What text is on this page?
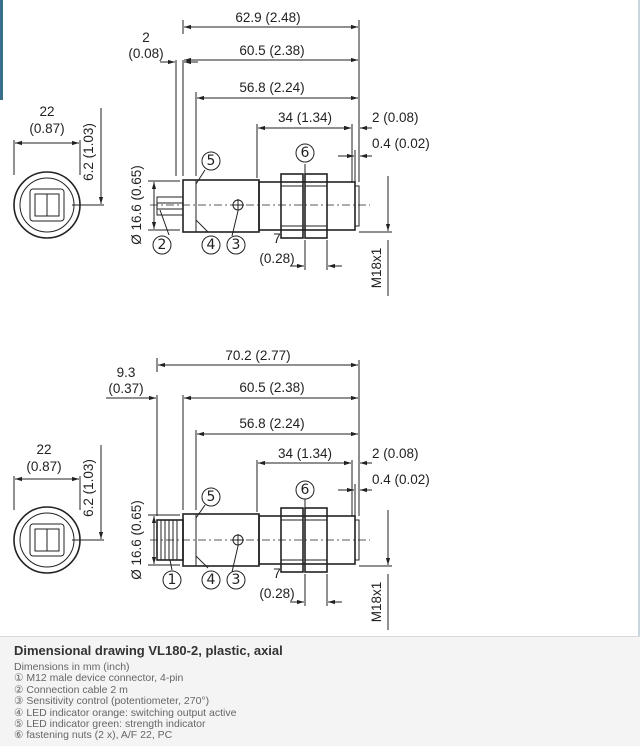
22
(0.87) 6.2 (1.03)
62.9 (2.48)
2
(0.08)	60.5 (2.38)
56.8 (2.24)
34 (1.34)	2 (0.08)
0.4 (0.02)
Ø 16.6 (0.65)	7
(0.28)	M18x1
5	6
2	4 3
22
(0.87) 6.2 (1.03)
70.2 (2.77)
9.3
(0.37)	60.5 (2.38)
56.8 (2.24)
34 (1.34)	2 (0.08)
0.4 (0.02)
Ø 16.6 (0.65)	7
(0.28)	M18x1
5	6
1 4 3
Dimensional drawing VL180-2, plastic, axial
Dimensions in mm (inch)
① M12 male device connector, 4-pin
② Connection cable 2 m
③ Sensitivity control (potentiometer, 270°)
④ LED indicator orange: switching output active
⑤ LED indicator green: strength indicator
⑥ fastening nuts (2 x), A/F 22, PC
